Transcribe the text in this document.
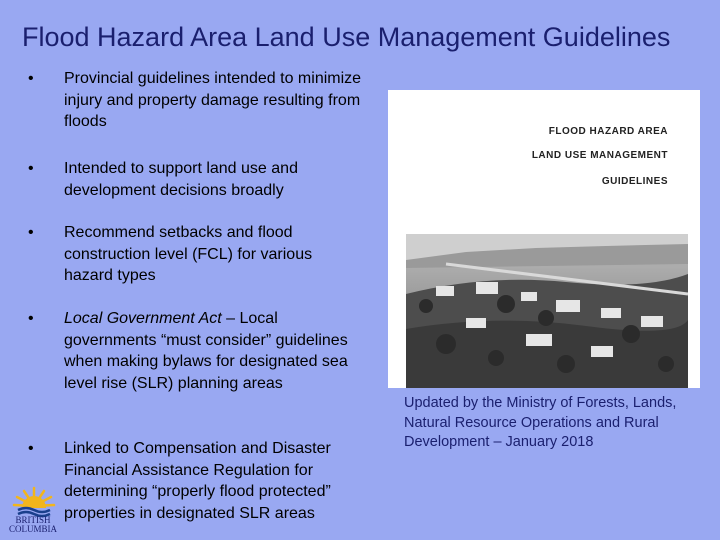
Flood Hazard Area Land Use Management Guidelines
• Provincial guidelines intended to minimize injury and property damage resulting from floods
• Intended to support land use and development decisions broadly
• Recommend setbacks and flood construction level (FCL) for various hazard types
• Local Government Act – Local governments “must consider” guidelines when making bylaws for designated sea level rise (SLR) planning areas
• Linked to Compensation and Disaster Financial Assistance Regulation for determining “properly flood protected” properties in designated SLR areas
FLOOD HAZARD AREA
LAND USE MANAGEMENT
GUIDELINES
Updated by the Ministry of Forests, Lands, Natural Resource Operations and Rural Development – January 2018
BRITISH
COLUMBIA
